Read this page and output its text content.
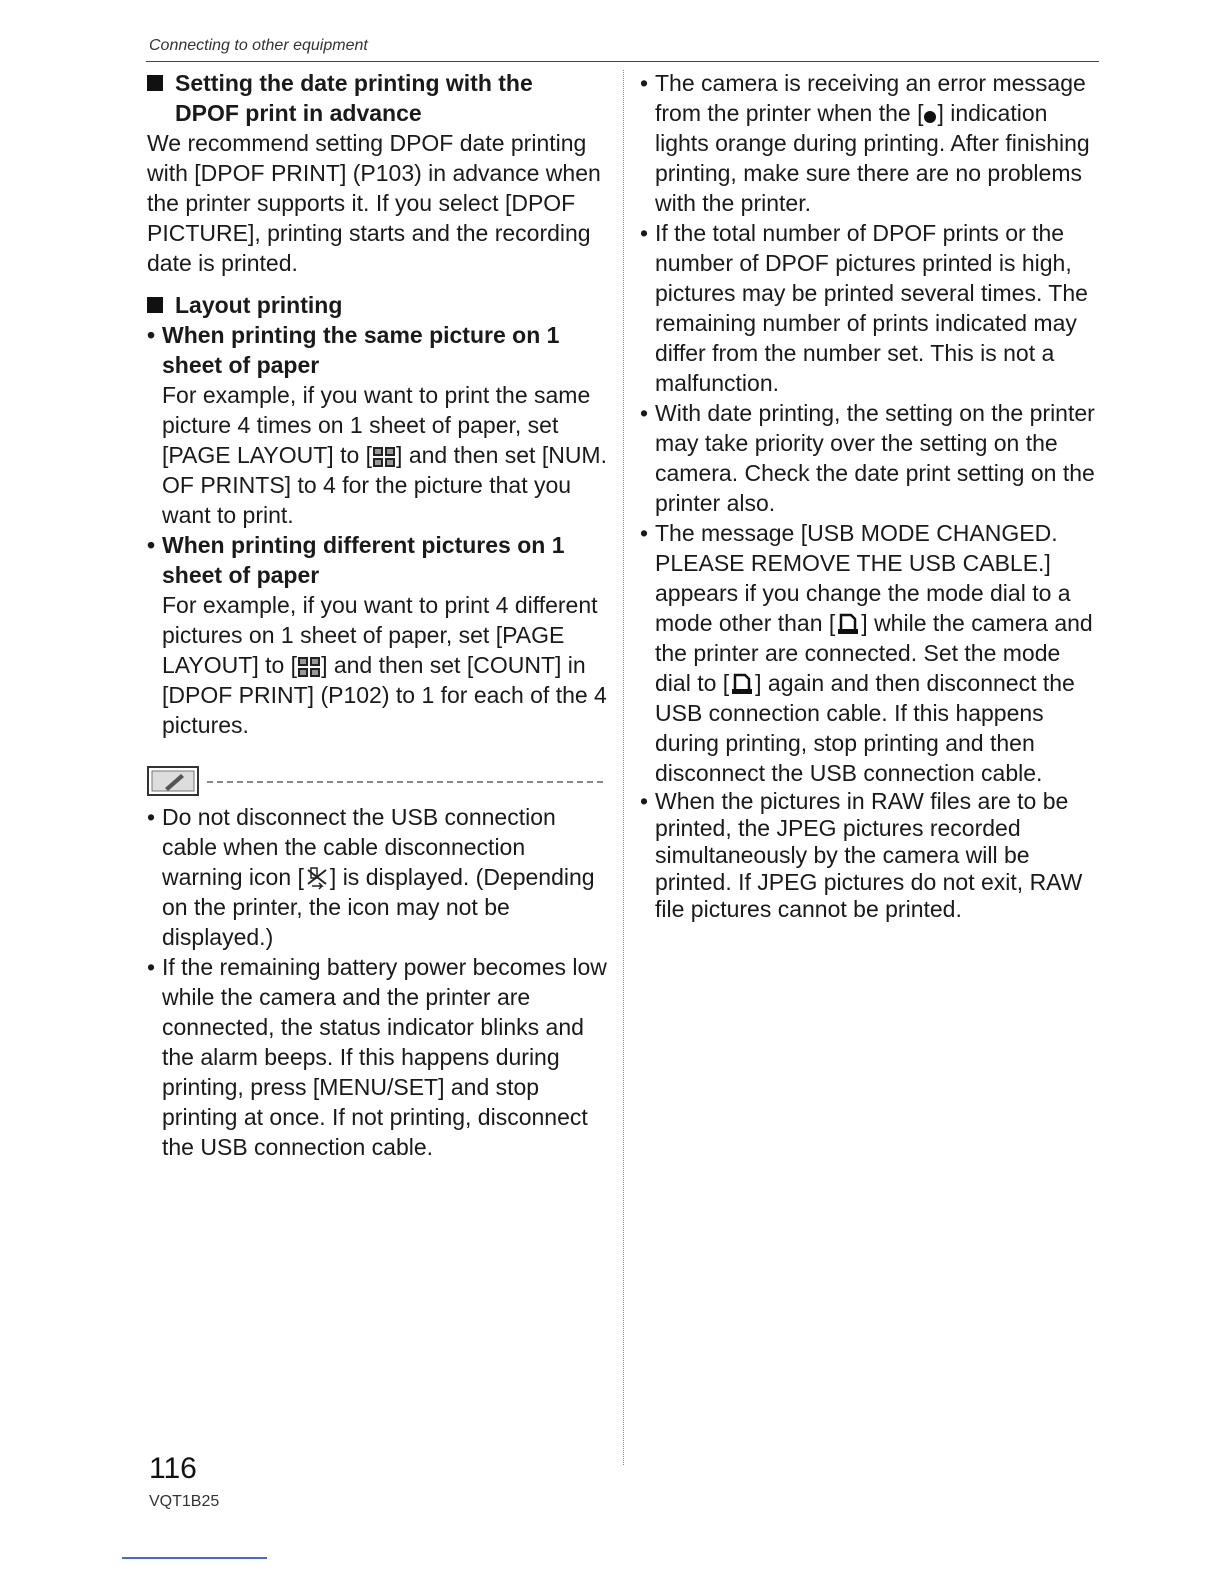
Connecting to other equipment
Setting the date printing with the
DPOF print in advance

We recommend setting DPOF date printing with [DPOF PRINT] (P103) in advance when the printer supports it. If you select [DPOF PICTURE], printing starts and the recording date is printed.

Layout printing
• When printing the same picture on 1 sheet of paper
For example, if you want to print the same picture 4 times on 1 sheet of paper, set [PAGE LAYOUT] to [ ] and then set [NUM. OF PRINTS] to 4 for the picture that you want to print.
• When printing different pictures on 1 sheet of paper
For example, if you want to print 4 different pictures on 1 sheet of paper, set [PAGE LAYOUT] to [ ] and then set [COUNT] in [DPOF PRINT] (P102) to 1 for each of the 4 pictures.
• Do not disconnect the USB connection cable when the cable disconnection warning icon [ ] is displayed. (Depending on the printer, the icon may not be displayed.)
• If the remaining battery power becomes low while the camera and the printer are connected, the status indicator blinks and the alarm beeps. If this happens during printing, press [MENU/SET] and stop printing at once. If not printing, disconnect the USB connection cable.
• The camera is receiving an error message from the printer when the [ ] indication lights orange during printing. After finishing printing, make sure there are no problems with the printer.
• If the total number of DPOF prints or the number of DPOF pictures printed is high, pictures may be printed several times. The remaining number of prints indicated may differ from the number set. This is not a malfunction.
• With date printing, the setting on the printer may take priority over the setting on the camera. Check the date print setting on the printer also.
• The message [USB MODE CHANGED. PLEASE REMOVE THE USB CABLE.] appears if you change the mode dial to a mode other than [ ] while the camera and the printer are connected. Set the mode dial to [ ] again and then disconnect the USB connection cable. If this happens during printing, stop printing and then disconnect the USB connection cable.
• When the pictures in RAW files are to be printed, the JPEG pictures recorded simultaneously by the camera will be printed. If JPEG pictures do not exit, RAW file pictures cannot be printed.
116
VQT1B25
